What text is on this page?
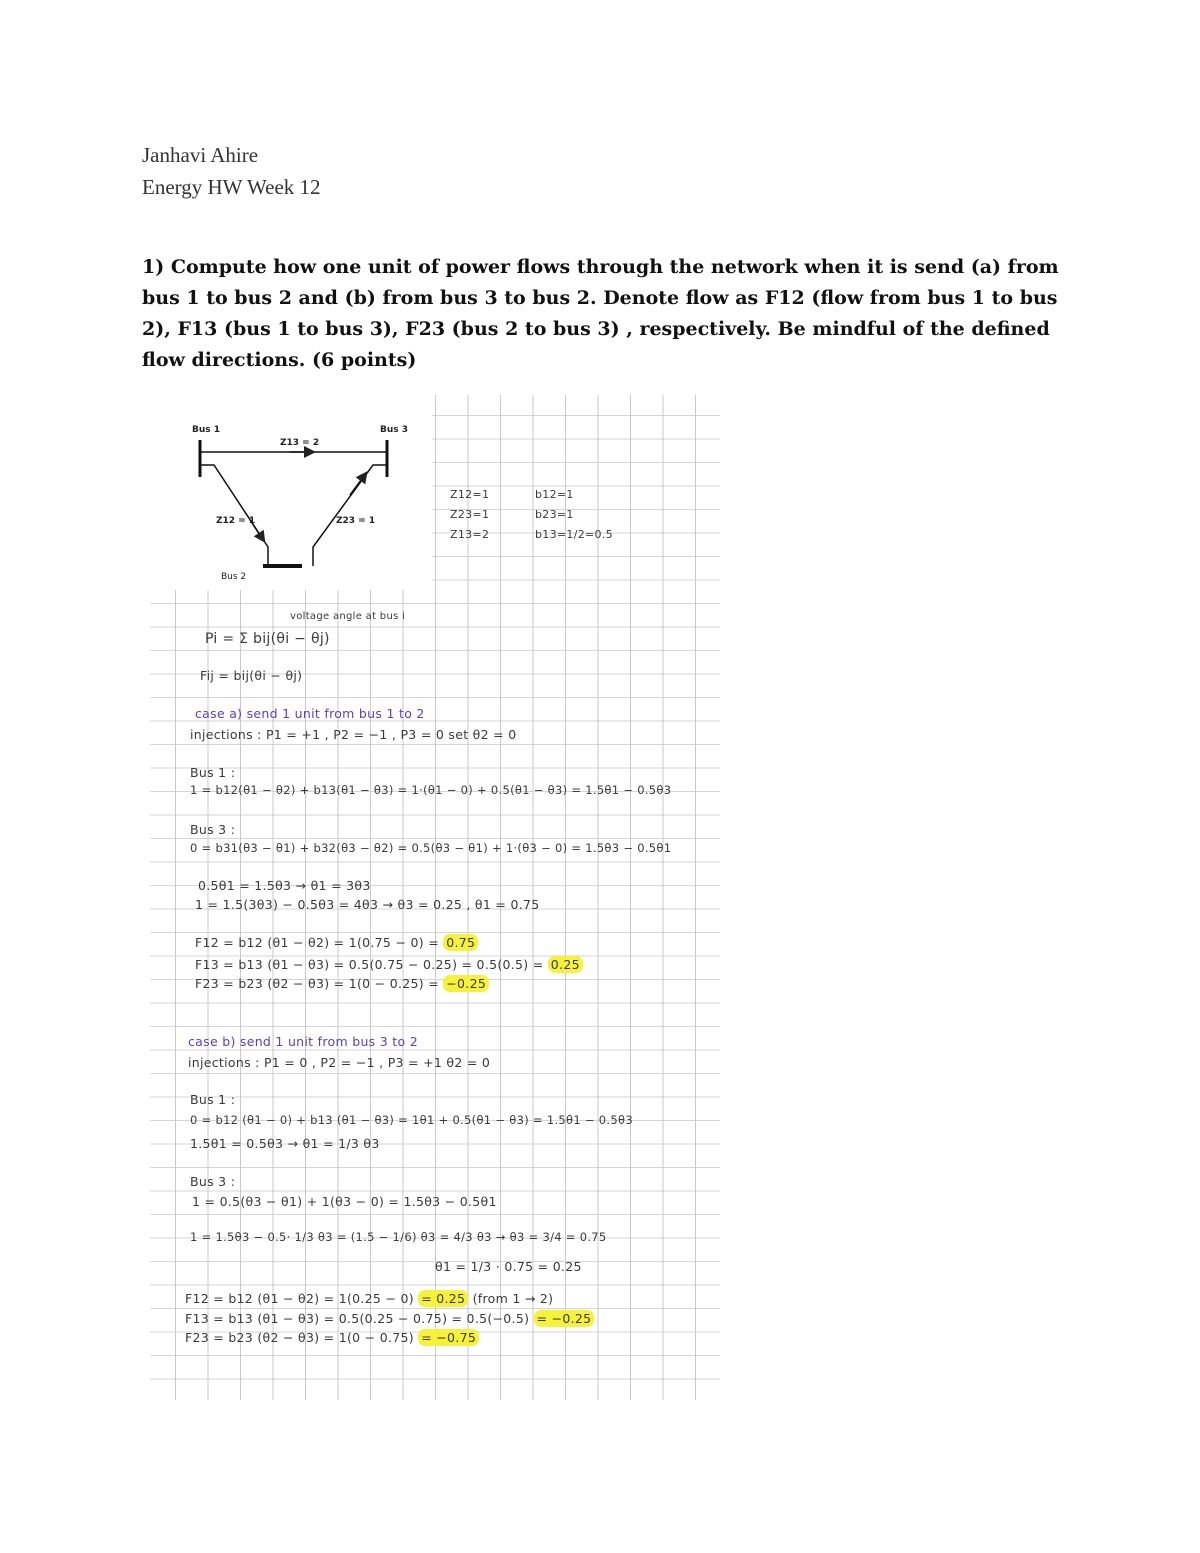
Janhavi Ahire
Energy HW Week 12
1) Compute how one unit of power flows through the network when it is send (a) from bus 1 to bus 2 and (b) from bus 3 to bus 2. Denote flow as F12 (flow from bus 1 to bus 2), F13 (bus 1 to bus 3), F23 (bus 2 to bus 3) , respectively. Be mindful of the defined flow directions. (6 points)
Bus 1	Bus 3
Bus 2
Z13 = 2
Z12 = 1	Z23 = 1
Z12=1
Z23=1
Z13=2
b12=1
b23=1
b13=1/2=0.5
voltage angle at bus i
Pi = Σ bij(θi − θj)
Fij = bij(θi − θj)
case a) send 1 unit from bus 1 to 2
injections : P1 = +1 , P2 = −1 , P3 = 0 set θ2 = 0
Bus 1 :
1 = b12(θ1 − θ2) + b13(θ1 − θ3) = 1·(θ1 − 0) + 0.5(θ1 − θ3) = 1.5θ1 − 0.5θ3
Bus 3 :
0 = b31(θ3 − θ1) + b32(θ3 − θ2) = 0.5(θ3 − θ1) + 1·(θ3 − 0) = 1.5θ3 − 0.5θ1
0.5θ1 = 1.5θ3 → θ1 = 3θ3
1 = 1.5(3θ3) − 0.5θ3 = 4θ3 → θ3 = 0.25 , θ1 = 0.75
F12 = b12 (θ1 − θ2) = 1(0.75 − 0) = 0.75
F13 = b13 (θ1 − θ3) = 0.5(0.75 − 0.25) = 0.5(0.5) = 0.25
F23 = b23 (θ2 − θ3) = 1(0 − 0.25) = −0.25
case b) send 1 unit from bus 3 to 2
injections : P1 = 0 , P2 = −1 , P3 = +1 θ2 = 0
Bus 1 :
0 = b12 (θ1 − 0) + b13 (θ1 − θ3) = 1θ1 + 0.5(θ1 − θ3) = 1.5θ1 − 0.5θ3
1.5θ1 = 0.5θ3 → θ1 = 1/3 θ3
Bus 3 :
1 = 0.5(θ3 − θ1) + 1(θ3 − 0) = 1.5θ3 − 0.5θ1
1 = 1.5θ3 − 0.5· 1/3 θ3 = (1.5 − 1/6) θ3 = 4/3 θ3 → θ3 = 3/4 = 0.75
θ1 = 1/3 · 0.75 = 0.25
F12 = b12 (θ1 − θ2) = 1(0.25 − 0) = 0.25 (from 1 → 2)
F13 = b13 (θ1 − θ3) = 0.5(0.25 − 0.75) = 0.5(−0.5) = −0.25
F23 = b23 (θ2 − θ3) = 1(0 − 0.75) = −0.75
